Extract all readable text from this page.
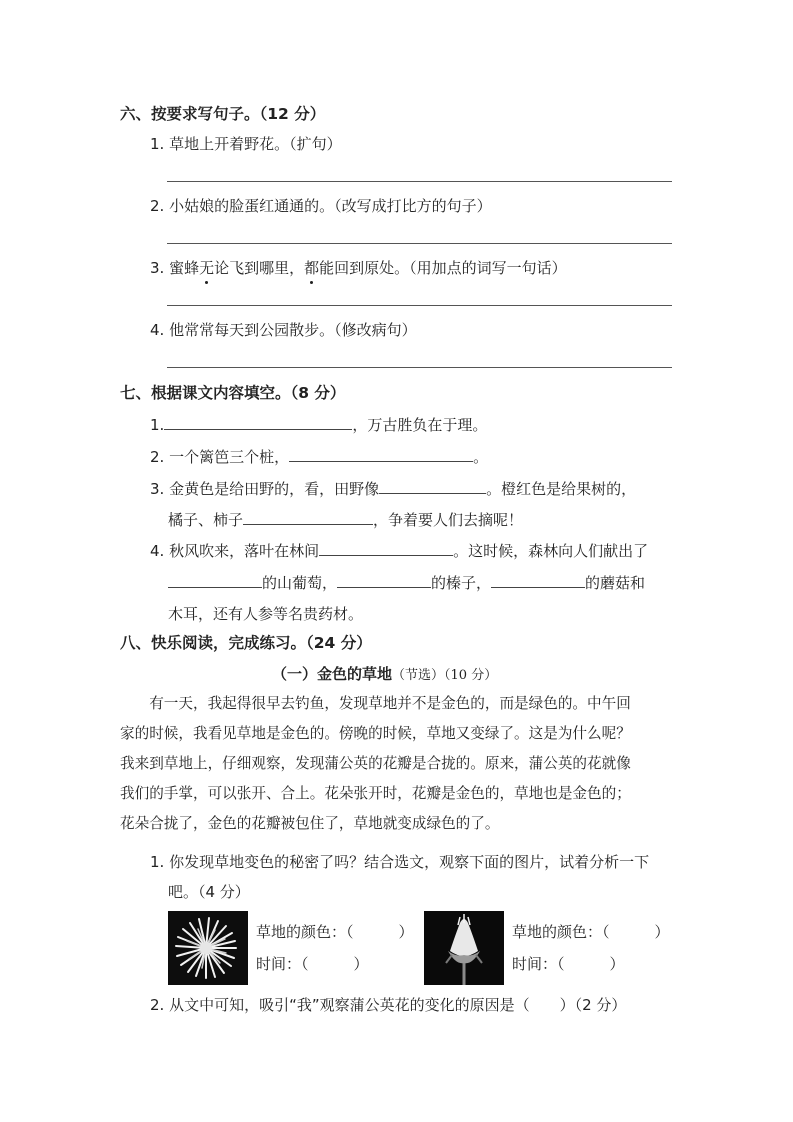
六、按要求写句子。（12 分）
1. 草地上开着野花。（扩句）
2. 小姑娘的脸蛋红通通的。（改写成打比方的句子）
3. 蜜蜂无论飞到哪里，都能回到原处。（用加点的词写一句话）
4. 他常常每天到公园散步。（修改病句）
七、根据课文内容填空。（8 分）
1.	，万古胜负在于理。
2. 一个篱笆三个桩，	。
3. 金黄色是给田野的，看，田野像	。橙红色是给果树的，
橘子、柿子	，争着要人们去摘呢！
4. 秋风吹来，落叶在林间	。这时候，森林向人们献出了
的山葡萄，	的榛子，	的蘑菇和
木耳，还有人参等名贵药材。
八、快乐阅读，完成练习。（24 分）
（一）金色的草地（节选）（10 分）
　　有一天，我起得很早去钓鱼，发现草地并不是金色的，而是绿色的。中午回
家的时候，我看见草地是金色的。傍晚的时候，草地又变绿了。这是为什么呢？
我来到草地上，仔细观察，发现蒲公英的花瓣是合拢的。原来，蒲公英的花就像
我们的手掌，可以张开、合上。花朵张开时，花瓣是金色的，草地也是金色的；
花朵合拢了，金色的花瓣被包住了，草地就变成绿色的了。
1. 你发现草地变色的秘密了吗？结合选文，观察下面的图片，试着分析一下
吧。（4 分）
草地的颜色：（　　　）
时间：（　　　）
草地的颜色：（　　　）
时间：（　　　）
2. 从文中可知，吸引“我”观察蒲公英花的变化的原因是（　　）（2 分）
